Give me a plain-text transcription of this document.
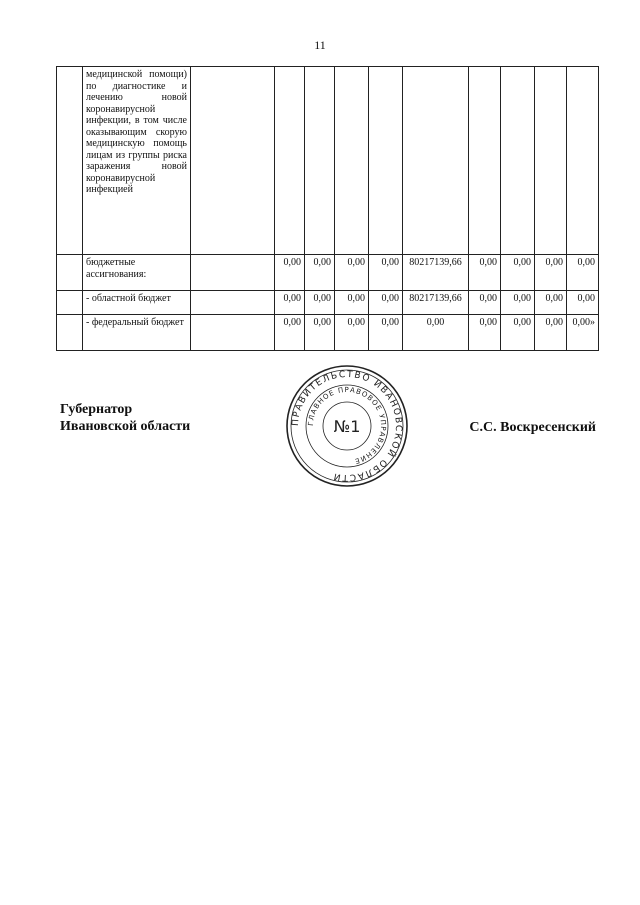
11
	медицинской помощи) по диагностике и лечению новой коронавирусной инфекции, в том числе оказывающим скорую медицинскую помощь лицам из группы риска заражения новой коронавирусной инфекцией										
	бюджетные ассигнования:		0,00	0,00	0,00	0,00	80217139,66	0,00	0,00	0,00	0,00
	- областной бюджет		0,00	0,00	0,00	0,00	80217139,66	0,00	0,00	0,00	0,00
	- федеральный бюджет		0,00	0,00	0,00	0,00	0,00	0,00	0,00	0,00	0,00»
Губернатор
Ивановской области	ПРАВИТЕЛЬСТВО ИВАНОВСКОЙ ОБЛАСТИ
ГЛАВНОЕ ПРАВОВОЕ УПРАВЛЕНИЕ
№1	С.С. Воскресенский
